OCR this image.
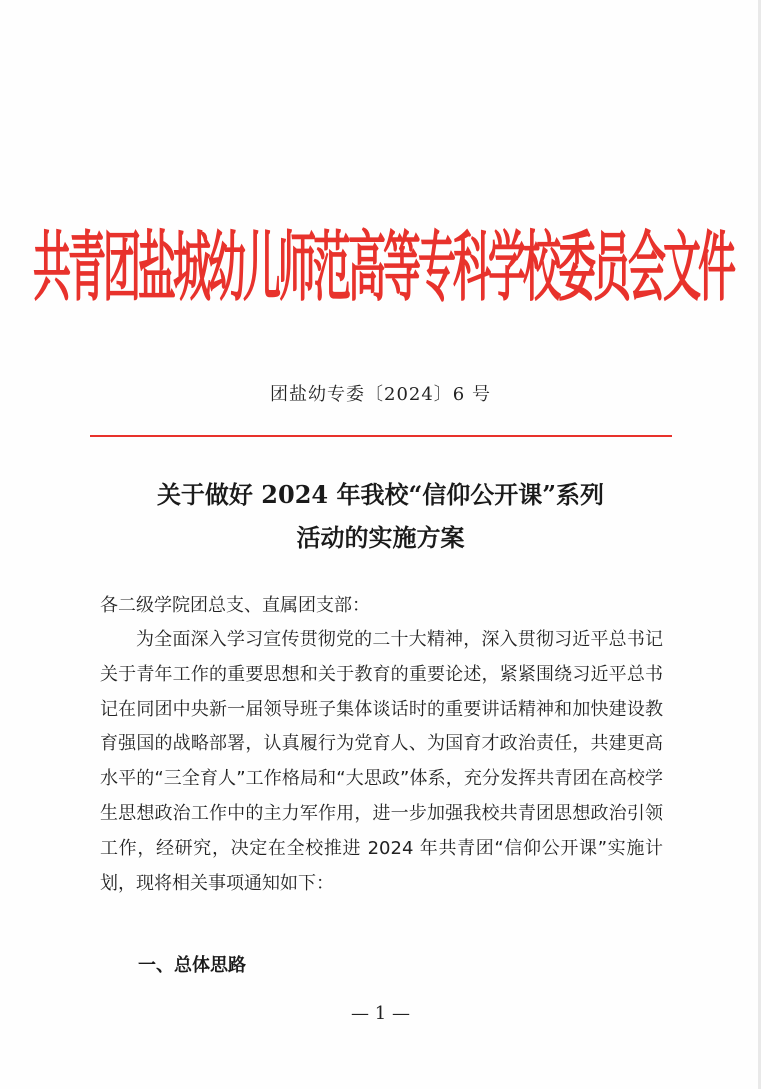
共青团盐城幼儿师范高等专科学校委员会文件
团盐幼专委〔2024〕6 号
关于做好 2024 年我校“信仰公开课”系列
活动的实施方案
各二级学院团总支、直属团支部：
为全面深入学习宣传贯彻党的二十大精神，深入贯彻习近平总书记关于青年工作的重要思想和关于教育的重要论述，紧紧围绕习近平总书记在同团中央新一届领导班子集体谈话时的重要讲话精神和加快建设教育强国的战略部署，认真履行为党育人、为国育才政治责任，共建更高水平的“三全育人”工作格局和“大思政”体系，充分发挥共青团在高校学生思想政治工作中的主力军作用，进一步加强我校共青团思想政治引领工作，经研究，决定在全校推进 2024 年共青团“信仰公开课”实施计划，现将相关事项通知如下：
一、总体思路
— 1 —
